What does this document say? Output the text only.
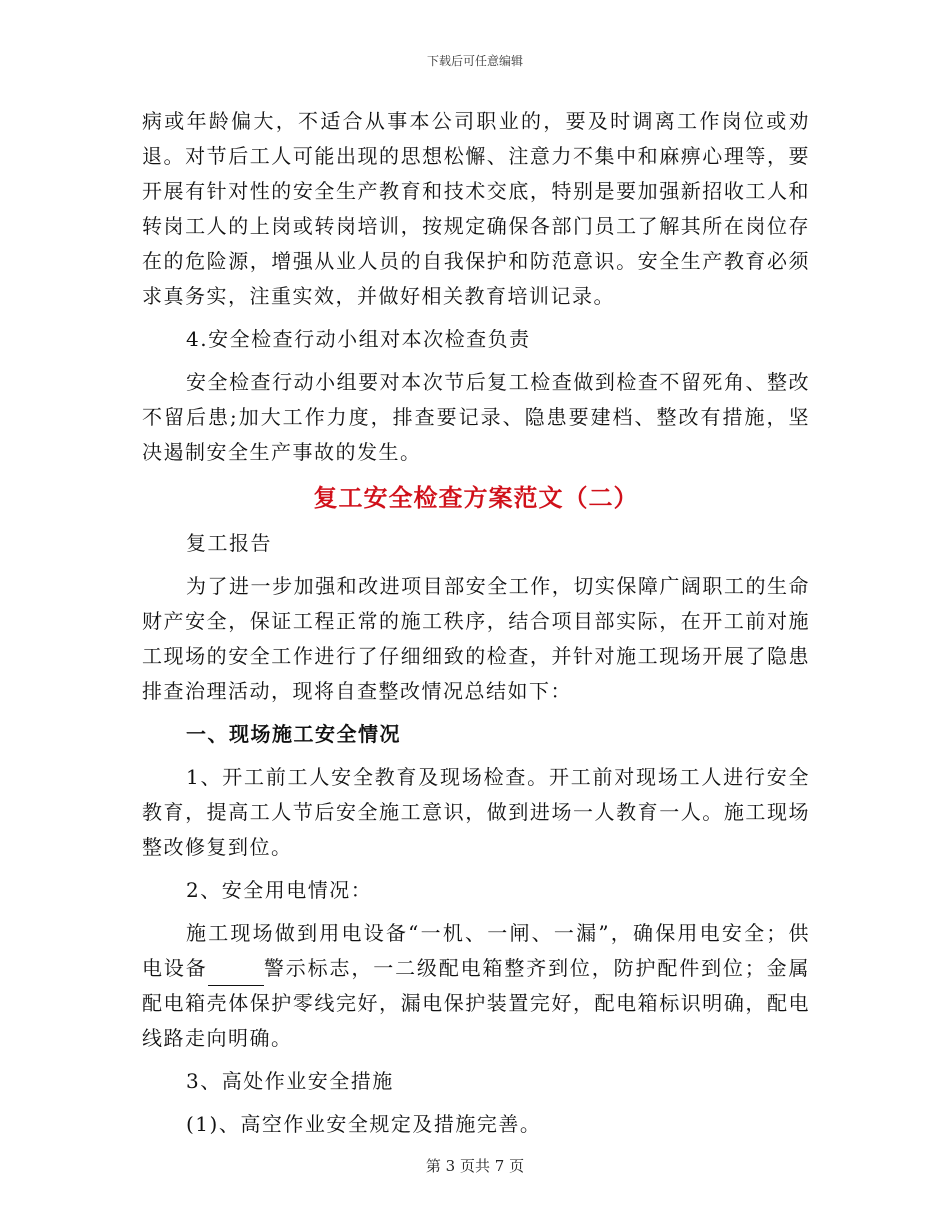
下载后可任意编辑

病或年龄偏大，不适合从事本公司职业的，要及时调离工作岗位或劝退。对节后工人可能出现的思想松懈、注意力不集中和麻痹心理等，要开展有针对性的安全生产教育和技术交底，特别是要加强新招收工人和转岗工人的上岗或转岗培训，按规定确保各部门员工了解其所在岗位存在的危险源，增强从业人员的自我保护和防范意识。安全生产教育必须求真务实，注重实效，并做好相关教育培训记录。

4.安全检查行动小组对本次检查负责

安全检查行动小组要对本次节后复工检查做到检查不留死角、整改不留后患;加大工作力度，排查要记录、隐患要建档、整改有措施，坚决遏制安全生产事故的发生。

复工安全检查方案范文（二）

复工报告

为了进一步加强和改进项目部安全工作，切实保障广阔职工的生命财产安全，保证工程正常的施工秩序，结合项目部实际，在开工前对施工现场的安全工作进行了仔细细致的检查，并针对施工现场开展了隐患排查治理活动，现将自查整改情况总结如下：

一、现场施工安全情况

1、开工前工人安全教育及现场检查。开工前对现场工人进行安全教育，提高工人节后安全施工意识，做到进场一人教育一人。施工现场整改修复到位。

2、安全用电情况：

施工现场做到用电设备“一机、一闸、一漏”，确保用电安全；供电设备	警示标志，一二级配电箱整齐到位，防护配件到位；金属配电箱壳体保护零线完好，漏电保护装置完好，配电箱标识明确，配电线路走向明确。

3、高处作业安全措施

(1)、高空作业安全规定及措施完善。

第 3 页共 7 页
